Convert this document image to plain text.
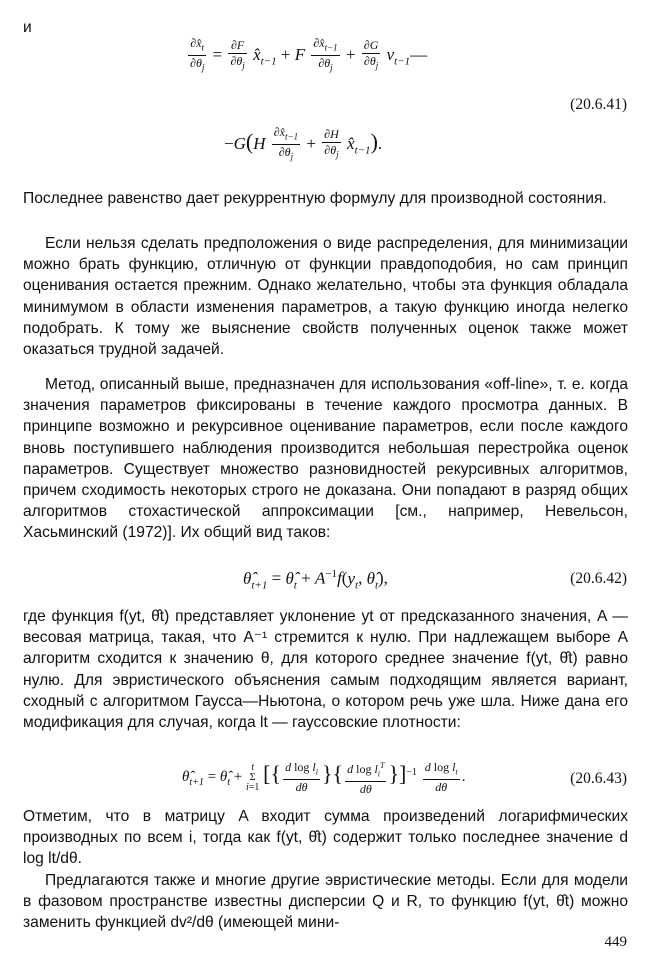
и
$\frac{\partial x̂_t}{\partial\theta_j} = \frac{\partial F}{\partial\theta_j}$ $x̂_{t-1} + F \frac{\partial x̂_{t-1}}{\partial\theta_j} + \frac{\partial G}{\partial\theta_j}$ $v_{t-1}—$
(20.6.41)
$-G(H \frac{\partial x̂_{t-1}}{\partial\theta_j} + \frac{\partial H}{\partial\theta_j}$ $x̂_{t-1}$).
Последнее равенство дает рекуррентную формулу для производной состояния.
Если нельзя сделать предположения о виде распределения, для минимизации можно брать функцию, отличную от функции правдоподобия, но сам принцип оценивания остается прежним. Однако желательно, чтобы эта функция обладала минимумом в области изменения параметров, а такую функцию иногда нелегко подобрать. К тому же выяснение свойств полученных оценок также может оказаться трудной задачей.
Метод, описанный выше, предназначен для использования «off-line», т. е. когда значения параметров фиксированы в течение каждого просмотра данных. В принципе возможно и рекурсивное оценивание параметров, если после каждого вновь поступившего наблюдения производится небольшая перестройка оценок параметров. Существует множество разновидностей рекурсивных алгоритмов, причем сходимость некоторых строго не доказана. Они попадают в разряд общих алгоритмов стохастической аппроксимации [см., например, Невельсон, Хасьминский (1972)]. Их общий вид таков:
$\thetâ_{t+1}$ = $\thetâ_t + A^{-1}f(y_t$, $\thetâ_t$),	(20.6.42)
где функция f(yt, θ̂t) представляет уклонение yt от предсказанного значения, A — весовая матрица, такая, что A⁻¹ стремится к нулю. При надлежащем выборе A алгоритм сходится к значению θ, для которого среднее значение f(yt, θ̂t) равно нулю. Для эвристического объяснения самым подходящим является вариант, сходный с алгоритмом Гаусса—Ньютона, о котором речь уже шла. Ниже дана его модификация для случая, когда lt — гауссовские плотности:
$\thetâ_{t+1}$ = $\thetâ_t + t$
Σ
i=1 [{ $\frac{d \log l_i}{d\theta}$ }{ $\frac{d \log l_i^T}{d\theta} \}]^{-1} \frac{d \log l_t}{d\theta}$ .	(20.6.43)
Отметим, что в матрицу A входит сумма произведений логарифмических производных по всем i, тогда как f(yt, θ̂t) содержит только последнее значение d log lt/dθ.
Предлагаются также и многие другие эвристические методы. Если для модели в фазовом пространстве известны дисперсии Q и R, то функцию f(yt, θ̂t) можно заменить функцией dv²/dθ (имеющей мини-
449
